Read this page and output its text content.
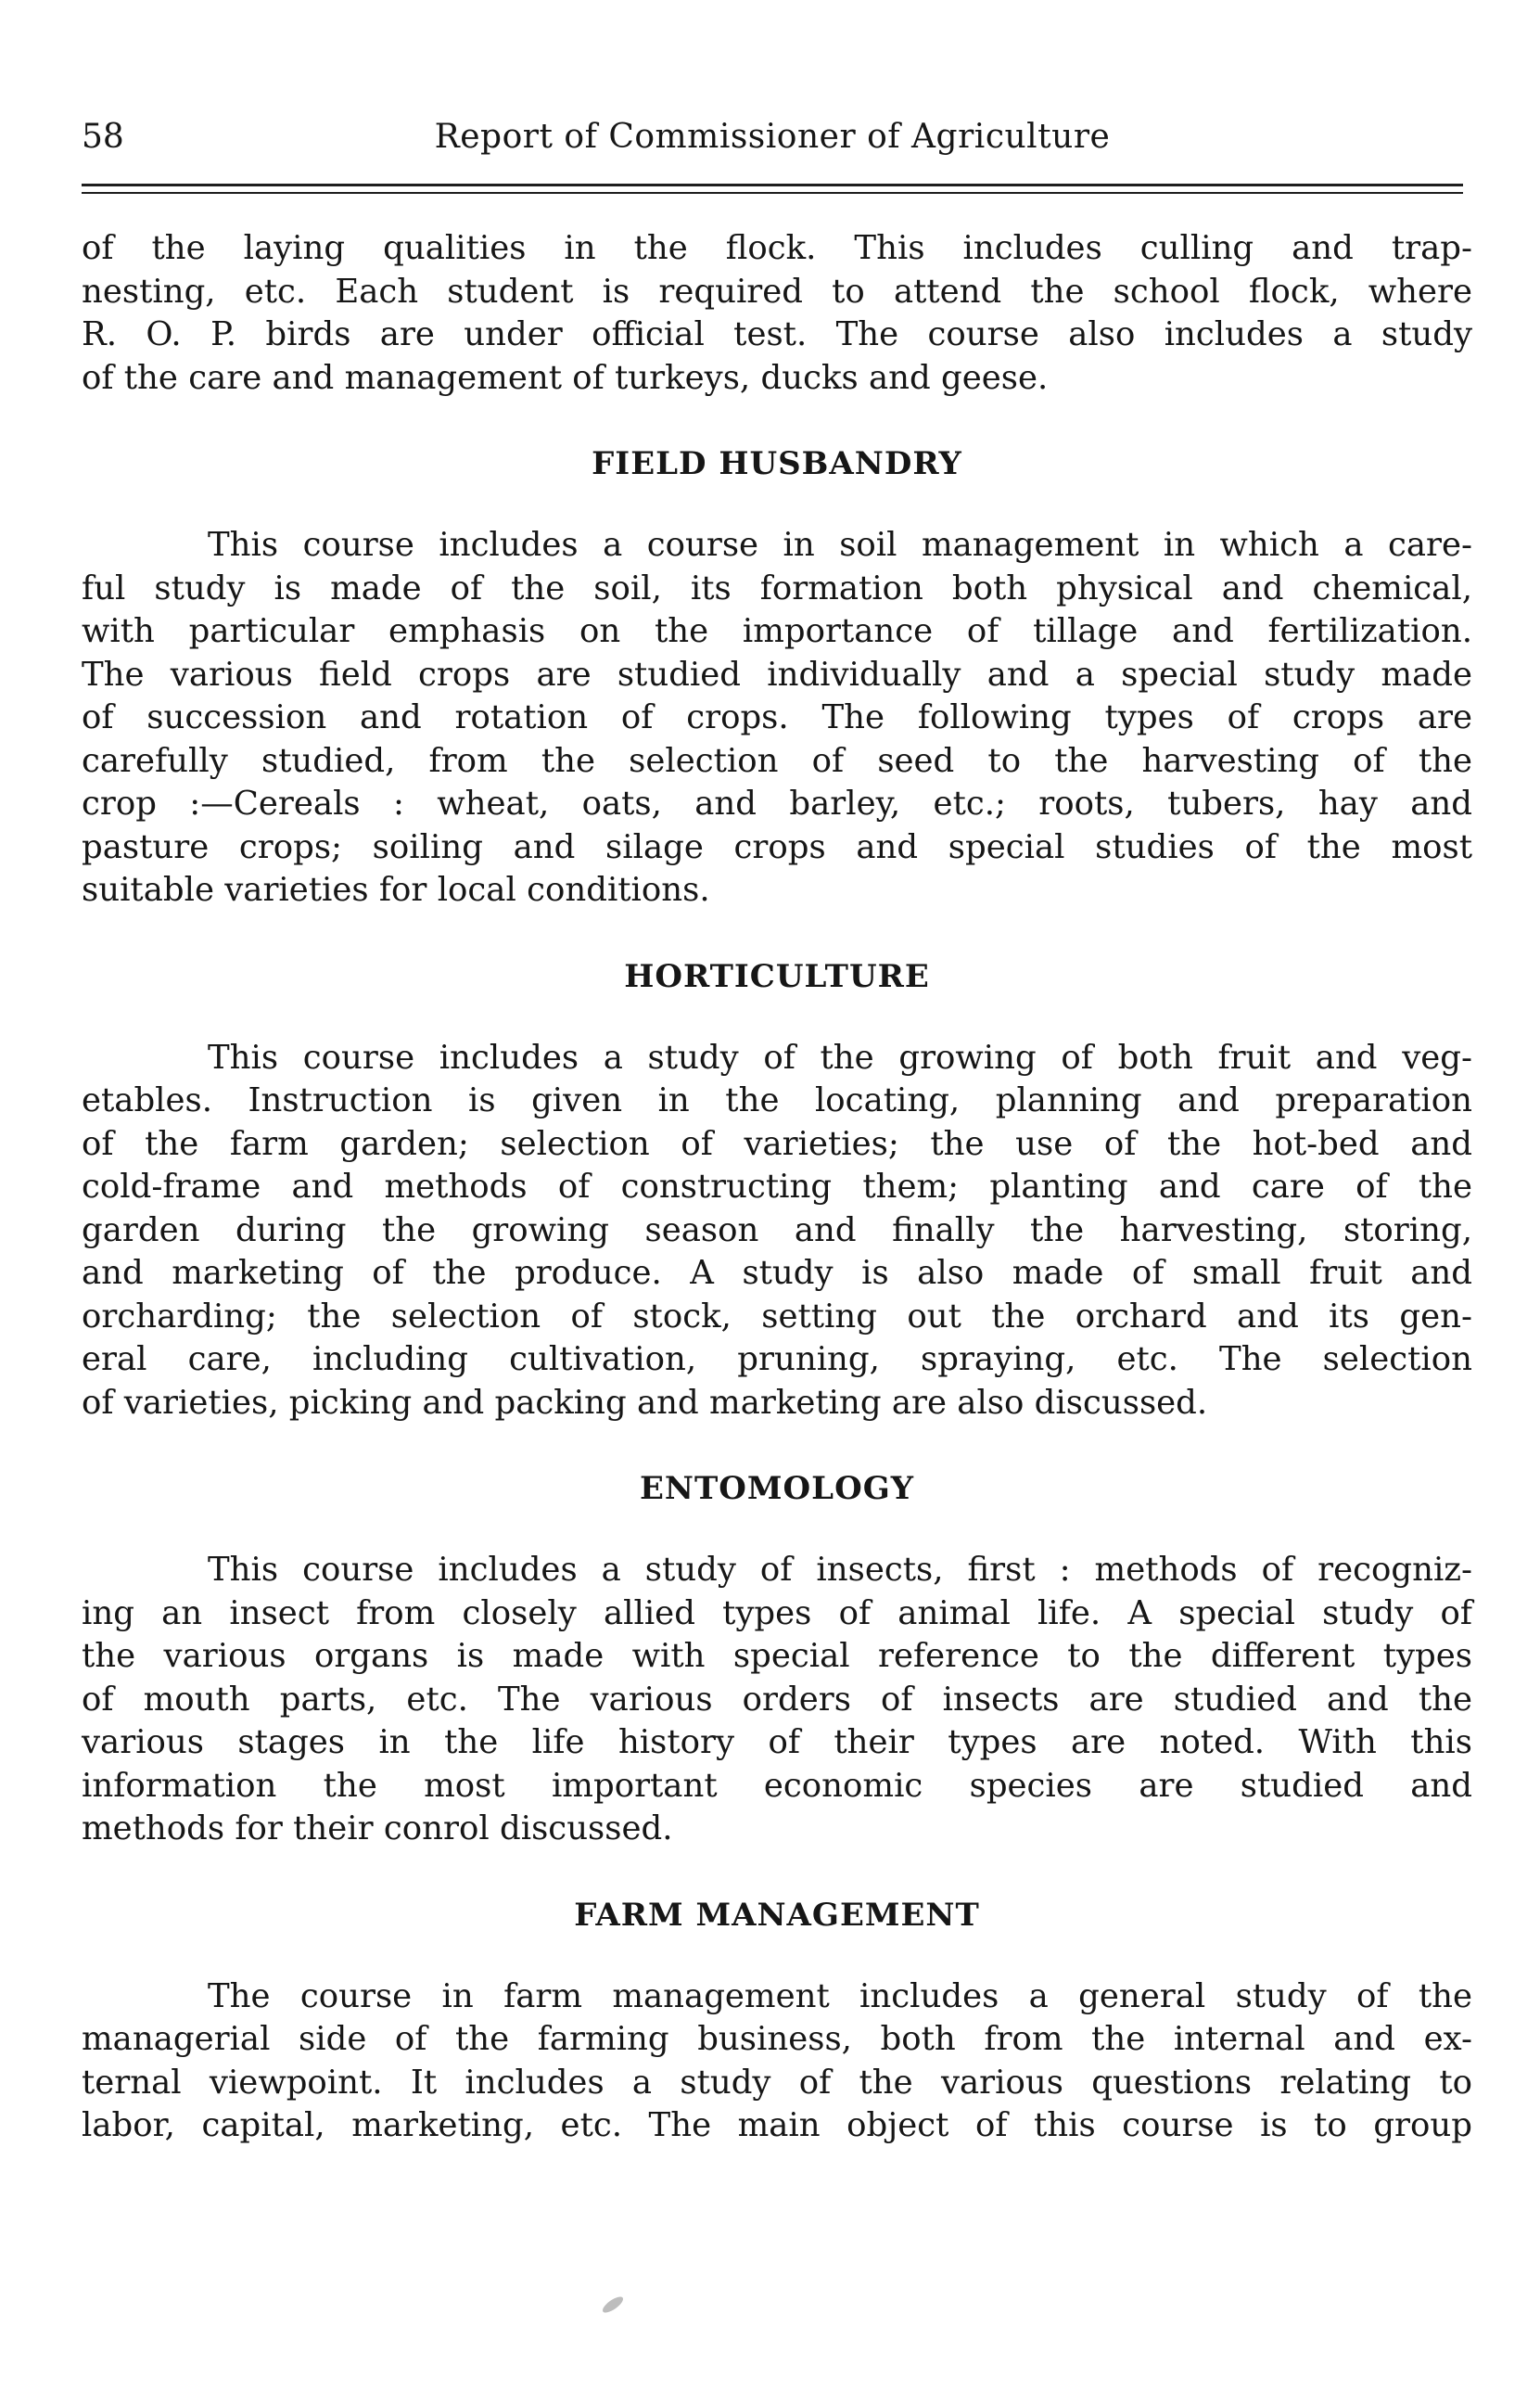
58	Report of Commissioner of Agriculture

of the laying qualities in the flock. This includes culling and trap-
nesting, etc. Each student is required to attend the school flock, where
R. O. P. birds are under official test. The course also includes a study
of the care and management of turkeys, ducks and geese.

FIELD HUSBANDRY

This course includes a course in soil management in which a care-
ful study is made of the soil, its formation both physical and chemical,
with particular emphasis on the importance of tillage and fertilization.
The various field crops are studied individually and a special study made
of succession and rotation of crops. The following types of crops are
carefully studied, from the selection of seed to the harvesting of the
crop :—Cereals : wheat, oats, and barley, etc.; roots, tubers, hay and
pasture crops; soiling and silage crops and special studies of the most
suitable varieties for local conditions.

HORTICULTURE

This course includes a study of the growing of both fruit and veg-
etables. Instruction is given in the locating, planning and preparation
of the farm garden; selection of varieties; the use of the hot-bed and
cold-frame and methods of constructing them; planting and care of the
garden during the growing season and finally the harvesting, storing,
and marketing of the produce. A study is also made of small fruit and
orcharding; the selection of stock, setting out the orchard and its gen-
eral care, including cultivation, pruning, spraying, etc. The selection
of varieties, picking and packing and marketing are also discussed.

ENTOMOLOGY

This course includes a study of insects, first : methods of recogniz-
ing an insect from closely allied types of animal life. A special study of
the various organs is made with special reference to the different types
of mouth parts, etc. The various orders of insects are studied and the
various stages in the life history of their types are noted. With this
information the most important economic species are studied and
methods for their conrol discussed.

FARM MANAGEMENT

The course in farm management includes a general study of the
managerial side of the farming business, both from the internal and ex-
ternal viewpoint. It includes a study of the various questions relating to
labor, capital, marketing, etc. The main object of this course is to group
